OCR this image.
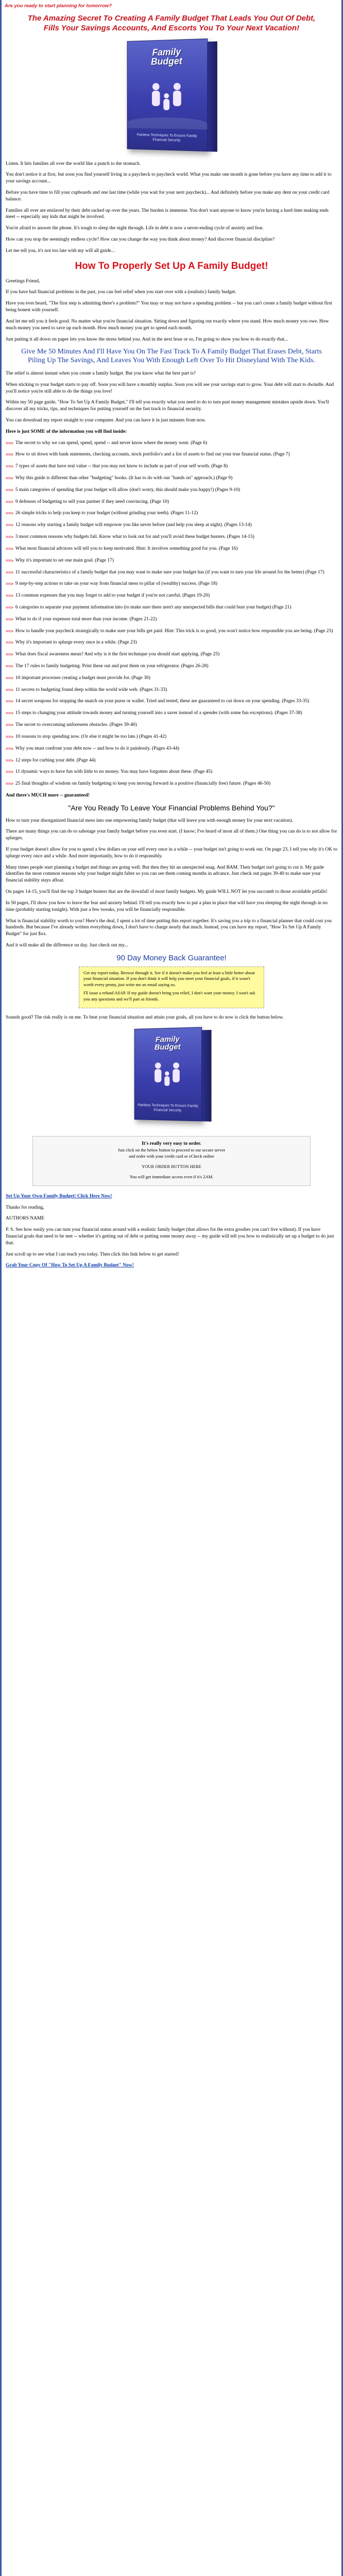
Are you ready to start planning for tomorrow?
The Amazing Secret To Creating A Family Budget That Leads You Out Of Debt, Fills Your Savings Accounts, And Escorts You To Your Next Vacation!
Family
Budget
Painless Techniques To Ensure Family Financial Security

Listen. It hits families all over the world like a punch to the stomach.

You don't notice it at first, but soon you find yourself living in a paycheck to paycheck world. What you make one month is gone before you have any time to add it to your savings account...

Before you have time to fill your cupboards and one last time (while you wait for your next paycheck)... And definitely before you make any dent on your credit card balance.

Families all over are enslaved by their debt racked up over the years. The burden is immense. You don't want anyone to know you're having a hard time making ends meet -- especially any kids that might be involved.

You're afraid to answer the phone. It's tough to sleep the night through. Life in debt is now a never-ending cycle of anxiety and fear.

How can you stop the seemingly endless cycle? How can you change the way you think about money? And discover financial discipline?

Let me tell you, it's not too late with my will all guide...

How To Properly Set Up A Family Budget!

Greetings Friend,

If you have had financial problems in the past, you can feel relief when you start over with a (realistic) family budget.

Have you ever heard, "The first step is admitting there's a problem?" You may or may not have a spending problem -- but you can't create a family budget without first being honest with yourself.

And let me tell you it feels good. No matter what you're financial situation. Sitting down and figuring out exactly where you stand. How much money you owe. How much money you need to save up each month. How much money you get to spend each month.

Just putting it all down on paper lets you know the stress behind you. And in the next hour or so, I'm going to show you how to do exactly that...

Give Me 50 Minutes And I'll Have You On The Fast Track To A Family Budget That Erases Debt, Starts Piling Up The Savings, And Leaves You With Enough Left Over To Hit Disneyland With The Kids.

The relief is almost instant when you create a family budget. But you know what the best part is?

When sticking to your budget starts to pay off. Soon you will have a monthly surplus. Soon you will see your savings start to grow. Your debt will start to dwindle. And you'll notice you're still able to do the things you love!

Within my 50 page guide, "How To Set Up A Family Budget," I'll tell you exactly what you need to do to turn past money management mistakes upside down. You'll discover all my tricks, tips, and techniques for putting yourself on the fast track to financial security.

You can download my report straight to your computer. And you can have it in just minutes from now.

Here is just SOME of the information you will find inside:

==> The secret to why we can spend, spend, spend -- and never know where the money went. (Page 6)
==> How to sit down with bank statements, checking accounts, stock portfolio's and a list of assets to find out your true financial status. (Page 7)
==> 7 types of assets that have real value -- that you may not know to include as part of your self worth. (Page 8)
==> Why this guide is different than other "budgeting" books. (It has to do with our "hands on" approach.) (Page 9)
==> 5 main categories of spending that your budget will allow (don't worry, this should make you happy!) (Pages 9-10)
==> 9 defenses of budgeting to sell your partner if they need convincing. (Page 10)
==> 26 simple tricks to help you keep to your budget (without grinding your teeth). (Pages 11-12)
==> 12 reasons why starting a family budget will empower you like never before (and help you sleep at night). (Pages 13-14)
==> 3 most common reasons why budgets fail. Know what to look out for and you'll avoid these budget busters. (Pages 14-15)
==> What most financial advisors will tell you to keep motivated. Hint: It involves something good for you. (Page 16)
==> Why it's important to set one main goal. (Page 17)
==> 11 successful characteristics of a family budget that you may want to make sure your budget has (if you want to turn your life around for the better) (Page 17)
==> 9 step-by-step actions to take on your way from financial mess to pillar of (wealthy) success. (Page 18)
==> 13 common expenses that you may forget to add to your budget if you're not careful. (Pages 19-20)
==> 6 categories to separate your payment information into (to make sure there aren't any unexpected bills that could bust your budget) (Page 21)
==> What to do if your expenses total more than your income. (Pages 21-22)
==> How to handle your paycheck strategically to make sure your bills get paid. Hint: This trick is so good, you won't notice how responsible you are being. (Page 23)
==> Why it's important to splurge every once in a while. (Page 23)
==> What does fiscal awareness mean? And why is it the first technique you should start applying. (Page 25)
==> The 17 rules to family budgeting. Print these out and post them on your refrigerator. (Pages 26-28)
==> 10 important processes creating a budget must provide for. (Page 30)
==> 11 secrets to budgeting found deep within the world wide web. (Pages 31-33)
==> 14 secret weapons for stopping the snatch on your purse or wallet. Tried and tested, these are guaranteed to cut down on your spending. (Pages 33-35)
==> 15 steps to changing your attitude towards money and turning yourself into a saver instead of a spender (with some fun exceptions). (Pages 37-38)
==> The secret to overcoming unforeseen obstacles. (Pages 39-40)
==> 10 reasons to stop spending now. (Or else it might be too late.) (Pages 41-42)
==> Why you must confront your debt now -- and how to do it painlessly. (Pages 43-44)
==> 12 steps for curbing your debt. (Page 44)
==> 11 dynamic ways to have fun with little to no money. You may have forgotten about these. (Page 45)
==> 25 final thoughts of wisdom on family budgeting to keep you moving forward in a positive (financially free) future. (Pages 46-50)

And there's MUCH more -- guaranteed!

"Are You Ready To Leave Your Financial Problems Behind You?"

How to turn your disorganized financial mess into one empowering family budget (that will leave you with enough money for your next vacation).

There are many things you can do to sabotage your family budget before you even start. (I know; I've heard of most all of them.) One thing you can do is to not allow for splurges.

If your budget doesn't allow for you to spend a few dollars on your self every once in a while -- your budget isn't going to work out. On page 23, I tell you why it's OK to splurge every once and a while. And more importantly, how to do it responsibly.

Many times people start planning a budget and things are going well. But then they hit an unexpected snag. And BAM. Their budget isn't going to cut it. My guide identifies the most common reasons why your budget might falter so you can see them coming months in advance. Just check out pages 39-40 to make sure your financial stability stays afloat.

On pages 14-15, you'll find the top 3 budget busters that are the downfall of most family budgets. My guide WILL NOT let you succumb to those avoidable pitfalls!

In 50 pages, I'll show you how to leave the fear and anxiety behind. I'll tell you exactly how to put a plan in place that will have you sleeping the night through in no time (probably starting tonight). With just a few tweaks, you will be financially responsible.

What is financial stability worth to you? Here's the deal, I spent a lot of time putting this report together. It's saving you a trip to a financial planner that could cost you hundreds. But because I've already written everything down, I don't have to charge nearly that much. Instead, you can have my report, "How To Set Up A Family Budget" for just $xx.

And it will make all the difference on day. Just check out my...

90 Day Money Back Guarantee!

Get my report today. Browse through it. See if it doesn't make you feel at least a little better about your financial situation. If you don't think it will help you meet your financial goals, if it wasn't worth every penny, just write me an email saying so.

I'll issue a refund ASAP. If my guide doesn't bring you relief, I don't want your money. I won't ask you any questions and we'll part as friends.

Sounds good? The risk really is on me. To beat your financial situation and attain your goals, all you have to do now is click the button below.

Family
Budget
Painless Techniques To Ensure Family Financial Security
It's really very easy to order.
Just click on the below button to proceed to our secure server
and order with your credit card or eCheck online
YOUR ORDER BUTTON HERE
You will get immediate access even if it's 2AM.

Set Up Your Own Family Budget! Click Here Now!

Thanks for reading,

AUTHORS NAME

P. S. See how easily you can turn your financial status around with a realistic family budget (that allows for the extra goodies you can't live without). If you have financial goals that need to be met -- whether it's getting out of debt or putting some money away -- my guide will tell you how to realistically set up a budget to do just that.

Just scroll up to see what I can teach you today. Then click this link below to get started!

Grab Your Copy Of "How To Set Up A Family Budget" Now!
